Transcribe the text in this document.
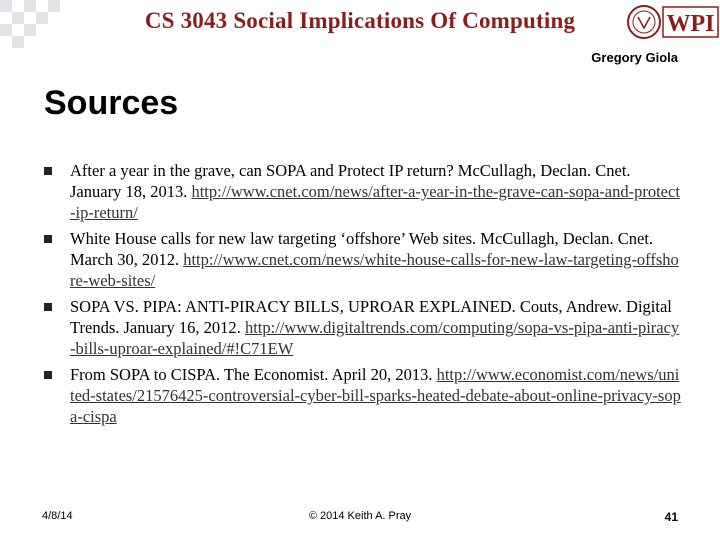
CS 3043 Social Implications Of Computing	WPI
Gregory Giola
Sources
After a year in the grave, can SOPA and Protect IP return? McCullagh, Declan. Cnet. January 18, 2013. http://www.cnet.com/news/after-a-year-in-the-grave-can-sopa-and-protect-ip-return/
White House calls for new law targeting ‘offshore’ Web sites. McCullagh, Declan. Cnet. March 30, 2012. http://www.cnet.com/news/white-house-calls-for-new-law-targeting-offshore-web-sites/
SOPA VS. PIPA: ANTI-PIRACY BILLS, UPROAR EXPLAINED. Couts, Andrew. Digital Trends. January 16, 2012. http://www.digitaltrends.com/computing/sopa-vs-pipa-anti-piracy-bills-uproar-explained/#!C71EW
From SOPA to CISPA. The Economist. April 20, 2013. http://www.economist.com/news/united-states/21576425-controversial-cyber-bill-sparks-heated-debate-about-online-privacy-sopa-cispa
4/8/14	© 2014 Keith A. Pray	41
